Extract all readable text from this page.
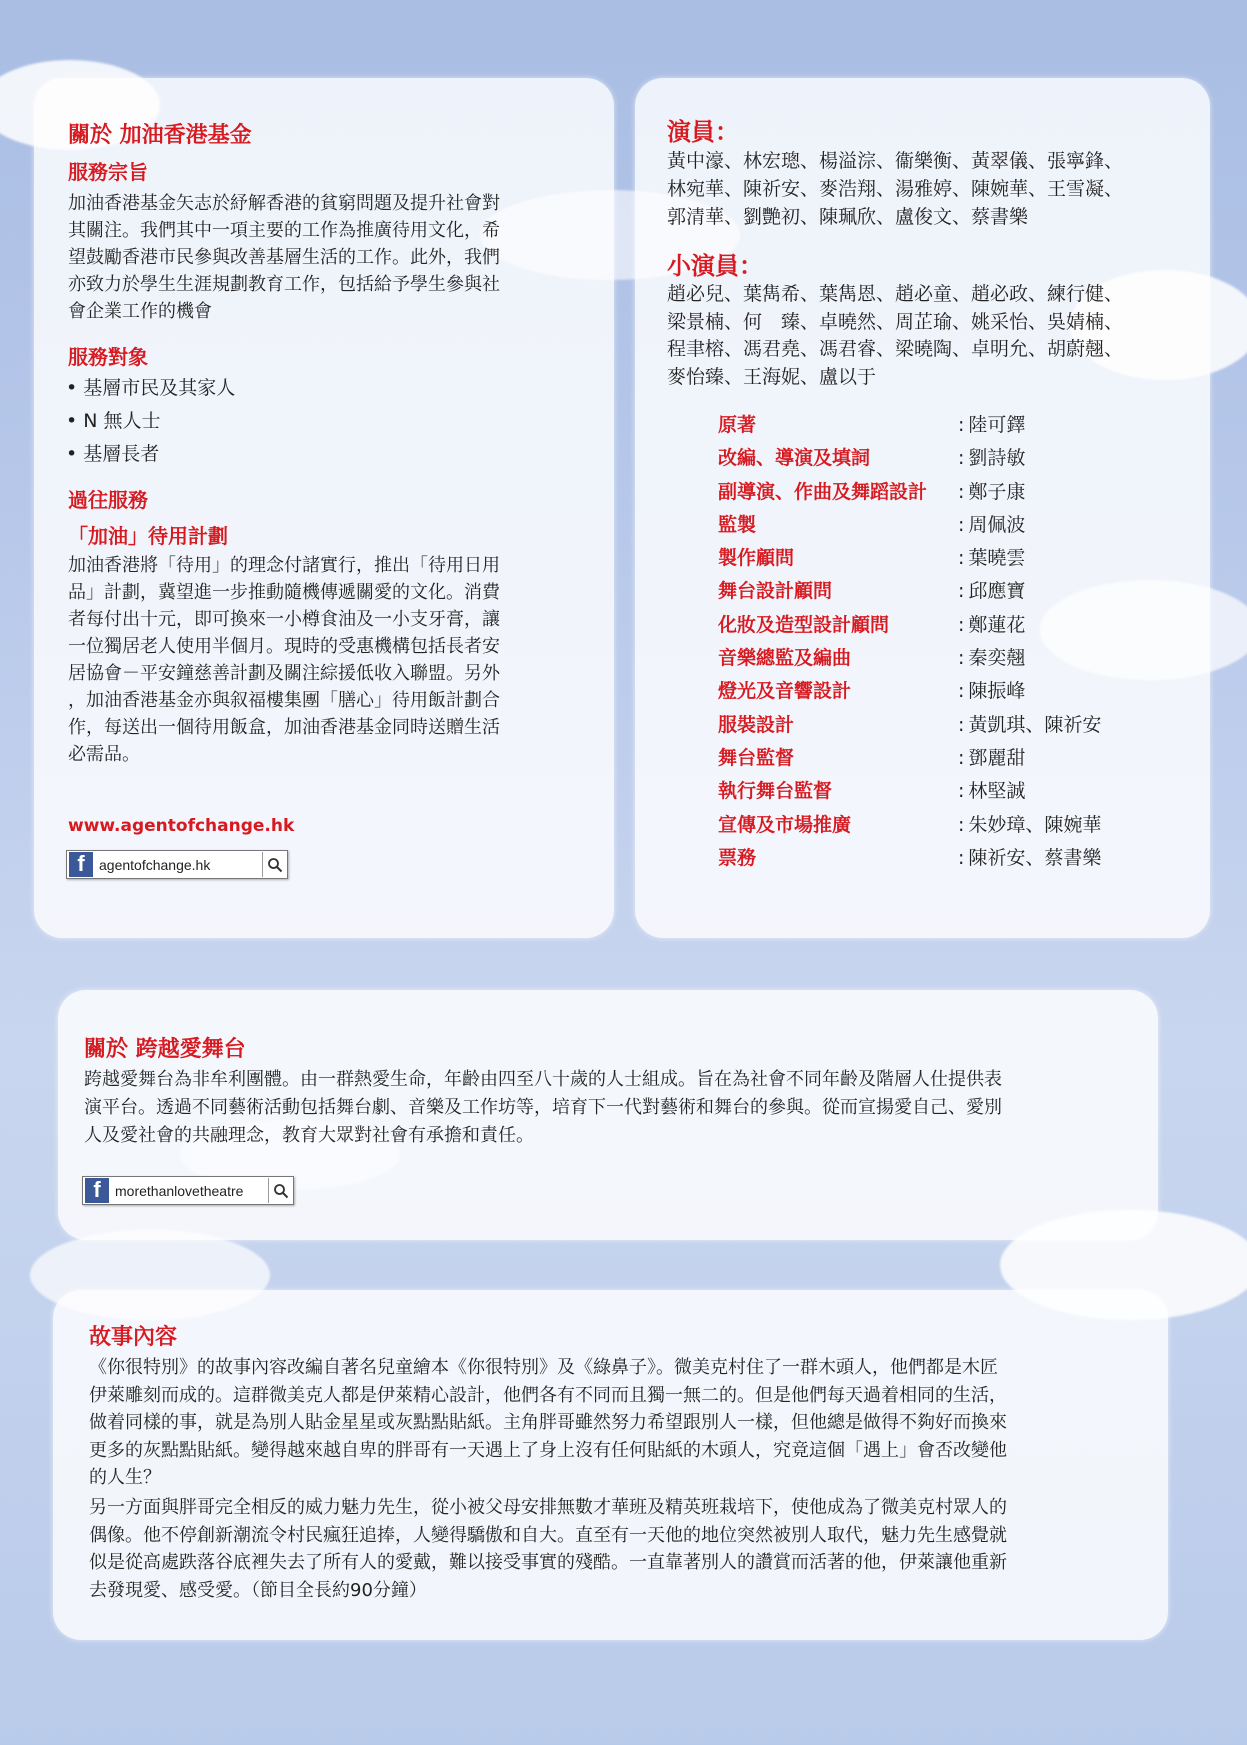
關於 加油香港基金
服務宗旨

加油香港基金矢志於紓解香港的貧窮問題及提升社會對

其關注。我們其中一項主要的工作為推廣待用文化，希

望鼓勵香港市民參與改善基層生活的工作。此外，我們

亦致力於學生生涯規劃教育工作，包括給予學生參與社

會企業工作的機會

服務對象
• 基層市民及其家人
• N 無人士
• 基層長者
過往服務
「加油」待用計劃

加油香港將「待用」的理念付諸實行，推出「待用日用

品」計劃，冀望進一步推動隨機傳遞關愛的文化。消費

者每付出十元，即可換來一小樽食油及一小支牙膏，讓

一位獨居老人使用半個月。現時的受惠機構包括長者安

居協會－平安鐘慈善計劃及關注綜援低收入聯盟。另外

，加油香港基金亦與叙福樓集團「膳心」待用飯計劃合

作，每送出一個待用飯盒，加油香港基金同時送贈生活

必需品。

www.agentofchange.hk
f	agentofchange.hk
演員：

黃中濠、林宏璁、楊溢淙、衞樂衡、黃翠儀、張寧鋒、

林宛華、陳祈安、麥浩翔、湯雅婷、陳婉華、王雪凝、

郭清華、劉艷初、陳珮欣、盧俊文、蔡書樂

小演員：

趙必兒、葉雋希、葉雋恩、趙必童、趙必政、練行健、

梁景楠、何　臻、卓曉然、周芷瑜、姚采怡、吳婧楠、

程聿榕、馮君堯、馮君睿、梁曉陶、卓明允、胡蔚翹、

麥怡臻、王海妮、盧以于

原著	: 陸可鐸
改編、導演及填詞	: 劉詩敏
副導演、作曲及舞蹈設計	: 鄭子康
監製	: 周佩波
製作顧問	: 葉曉雲
舞台設計顧問	: 邱應寶
化妝及造型設計顧問	: 鄭蓮花
音樂總監及編曲	: 秦奕翹
燈光及音響設計	: 陳振峰
服裝設計	: 黃凱琪、陳祈安
舞台監督	: 鄧麗甜
執行舞台監督	: 林堅誠
宣傳及市場推廣	: 朱妙璋、陳婉華
票務	: 陳祈安、蔡書樂
關於 跨越愛舞台

跨越愛舞台為非牟利團體。由一群熱愛生命，年齡由四至八十歲的人士組成。旨在為社會不同年齡及階層人仕提供表

演平台。透過不同藝術活動包括舞台劇、音樂及工作坊等，培育下一代對藝術和舞台的參與。從而宣揚愛自己、愛別

人及愛社會的共融理念，教育大眾對社會有承擔和責任。

f	morethanlovetheatre
故事內容

《你很特別》的故事內容改編自著名兒童繪本《你很特別》及《綠鼻子》。微美克村住了一群木頭人，他們都是木匠

伊萊雕刻而成的。這群微美克人都是伊萊精心設計，他們各有不同而且獨一無二的。但是他們每天過着相同的生活，

做着同樣的事，就是為別人貼金星星或灰點點貼紙。主角胖哥雖然努力希望跟別人一樣，但他總是做得不夠好而換來

更多的灰點點貼紙。變得越來越自卑的胖哥有一天遇上了身上沒有任何貼紙的木頭人，究竟這個「遇上」會否改變他

的人生？

另一方面與胖哥完全相反的威力魅力先生，從小被父母安排無數才華班及精英班栽培下，使他成為了微美克村眾人的

偶像。他不停創新潮流令村民瘋狂追捧，人變得驕傲和自大。直至有一天他的地位突然被別人取代，魅力先生感覺就

似是從高處跌落谷底裡失去了所有人的愛戴，難以接受事實的殘酷。一直靠著別人的讚賞而活著的他，伊萊讓他重新

去發現愛、感受愛。（節目全長約90分鐘）
